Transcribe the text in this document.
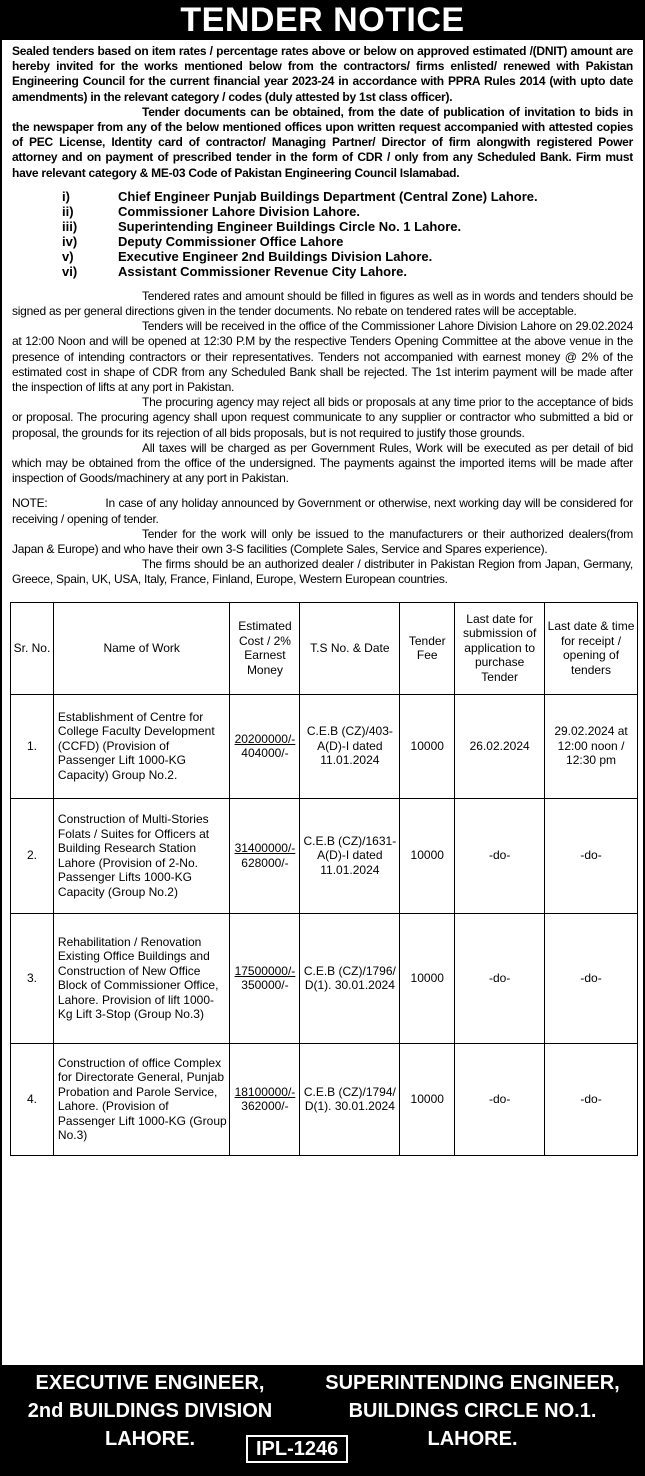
TENDER NOTICE

Sealed tenders based on item rates / percentage rates above or below on approved estimated /(DNIT) amount are hereby invited for the works mentioned below from the contractors/ firms enlisted/ renewed with Pakistan Engineering Council for the current financial year 2023-24 in accordance with PPRA Rules 2014 (with upto date amendments) in the relevant category / codes (duly attested by 1st class officer).

Tender documents can be obtained, from the date of publication of invitation to bids in the newspaper from any of the below mentioned offices upon written request accompanied with attested copies of PEC License, Identity card of contractor/ Managing Partner/ Director of firm alongwith registered Power attorney and on payment of prescribed tender in the form of CDR / only from any Scheduled Bank. Firm must have relevant category & ME-03 Code of Pakistan Engineering Council Islamabad.

i)	Chief Engineer Punjab Buildings Department (Central Zone) Lahore.
ii)	Commissioner Lahore Division Lahore.
iii)	Superintending Engineer Buildings Circle No. 1 Lahore.
iv)	Deputy Commissioner Office Lahore
v)	Executive Engineer 2nd Buildings Division Lahore.
vi)	Assistant Commissioner Revenue City Lahore.

Tendered rates and amount should be filled in figures as well as in words and tenders should be signed as per general directions given in the tender documents. No rebate on tendered rates will be acceptable.

Tenders will be received in the office of the Commissioner Lahore Division Lahore on 29.02.2024 at 12:00 Noon and will be opened at 12:30 P.M by the respective Tenders Opening Committee at the above venue in the presence of intending contractors or their representatives. Tenders not accompanied with earnest money @ 2% of the estimated cost in shape of CDR from any Scheduled Bank shall be rejected. The 1st interim payment will be made after the inspection of lifts at any port in Pakistan.

The procuring agency may reject all bids or proposals at any time prior to the acceptance of bids or proposal. The procuring agency shall upon request communicate to any supplier or contractor who submitted a bid or proposal, the grounds for its rejection of all bids proposals, but is not required to justify those grounds.

All taxes will be charged as per Government Rules, Work will be executed as per detail of bid which may be obtained from the office of the undersigned. The payments against the imported items will be made after inspection of Goods/machinery at any port in Pakistan.

NOTE:	In case of any holiday announced by Government or otherwise, next working day will be considered for receiving / opening of tender.

Tender for the work will only be issued to the manufacturers or their authorized dealers(from Japan & Europe) and who have their own 3-S facilities (Complete Sales, Service and Spares experience).

The firms should be an authorized dealer / distributer in Pakistan Region from Japan, Germany, Greece, Spain, UK, USA, Italy, France, Finland, Europe, Western European countries.

Sr. No.	Name of Work	Estimated Cost / 2% Earnest Money	T.S No. & Date	Tender Fee	Last date for submission of application to purchase Tender	Last date & time for receipt / opening of tenders
1.	Establishment of Centre for College Faculty Development (CCFD) (Provision of Passenger Lift 1000-KG Capacity) Group No.2.	20200000/-
404000/-	C.E.B (CZ)/403-A(D)-I dated 11.01.2024	10000	26.02.2024	29.02.2024 at 12:00 noon / 12:30 pm
2.	Construction of Multi-Stories Folats / Suites for Officers at Building Research Station Lahore (Provision of 2-No. Passenger Lifts 1000-KG Capacity (Group No.2)	31400000/-
628000/-	C.E.B (CZ)/1631-A(D)-I dated 11.01.2024	10000	-do-	-do-
3.	Rehabilitation / Renovation Existing Office Buildings and Construction of New Office Block of Commissioner Office, Lahore. Provision of lift 1000-Kg Lift 3-Stop (Group No.3)	17500000/-
350000/-	C.E.B (CZ)/1796/ D(1). 30.01.2024	10000	-do-	-do-
4.	Construction of office Complex for Directorate General, Punjab Probation and Parole Service, Lahore. (Provision of Passenger Lift 1000-KG (Group No.3)	18100000/-
362000/-	C.E.B (CZ)/1794/ D(1). 30.01.2024	10000	-do-	-do-
EXECUTIVE ENGINEER,
2nd BUILDINGS DIVISION
LAHORE.
SUPERINTENDING ENGINEER,
BUILDINGS CIRCLE NO.1.
LAHORE.
IPL-1246
